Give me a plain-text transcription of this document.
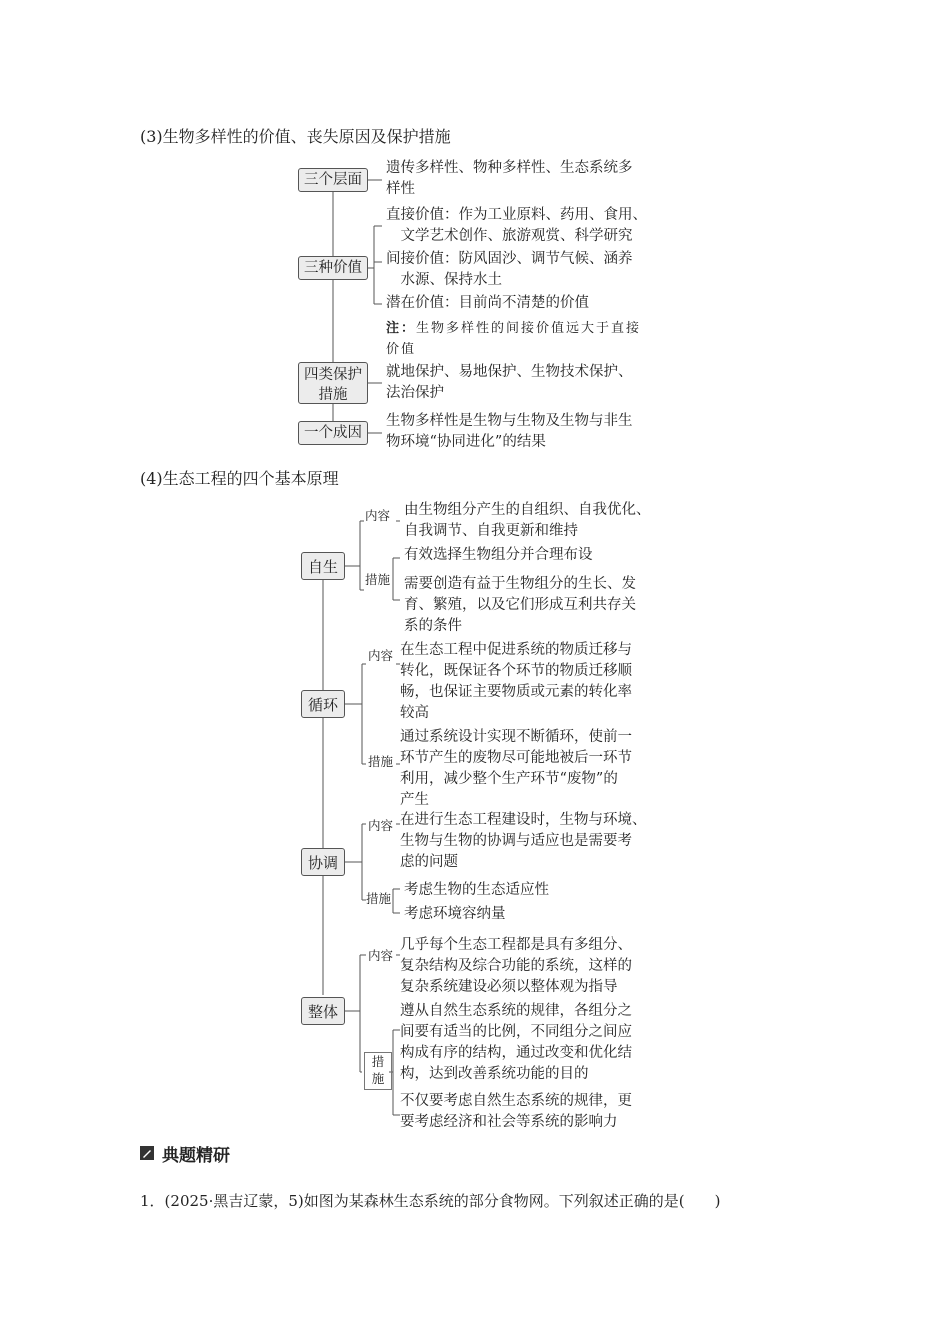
(3)生物多样性的价值、丧失原因及保护措施
三个层面
遗传多样性、物种多样性、生态系统多
样性
三种价值
直接价值：作为工业原料、药用、食用、
　文学艺术创作、旅游观赏、科学研究
间接价值：防风固沙、调节气候、涵养
　水源、保持水土
潜在价值：目前尚不清楚的价值
注：生物多样性的间接价值远大于直接
价值
四类保护
措施
就地保护、易地保护、生物技术保护、
法治保护
一个成因
生物多样性是生物与生物及生物与非生
物环境“协同进化”的结果
(4)生态工程的四个基本原理
自生
内容 由生物组分产生的自组织、自我优化、
自我调节、自我更新和维持
措施
有效选择生物组分并合理布设
需要创造有益于生物组分的生长、发
育、繁殖，以及它们形成互利共存关
系的条件
循环
内容 在生态工程中促进系统的物质迁移与
转化，既保证各个环节的物质迁移顺
畅，也保证主要物质或元素的转化率
较高
措施
通过系统设计实现不断循环，使前一
环节产生的废物尽可能地被后一环节
利用，减少整个生产环节“废物”的
产生
协调
内容 在进行生态工程建设时，生物与环境、
生物与生物的协调与适应也是需要考
虑的问题
措施
考虑生物的生态适应性
考虑环境容纳量
整体
内容
几乎每个生态工程都是具有多组分、
复杂结构及综合功能的系统，这样的
复杂系统建设必须以整体观为指导
措
施
遵从自然生态系统的规律，各组分之
间要有适当的比例，不同组分之间应
构成有序的结构，通过改变和优化结
构，达到改善系统功能的目的
不仅要考虑自然生态系统的规律，更
要考虑经济和社会等系统的影响力
典题精研
1．(2025·黑吉辽蒙，5)如图为某森林生态系统的部分食物网。下列叙述正确的是(　　)
